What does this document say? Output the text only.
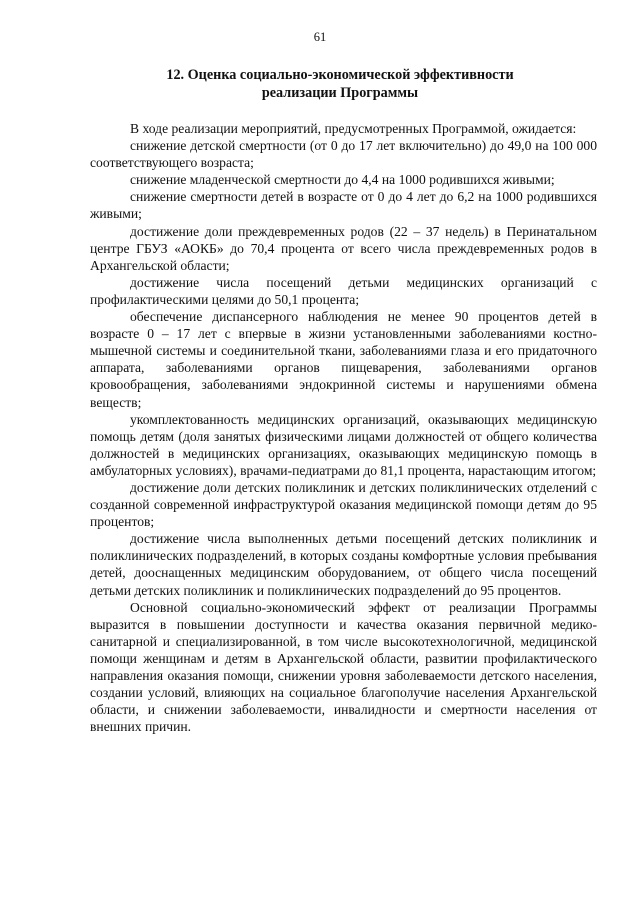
61
12. Оценка социально-экономической эффективности
реализации Программы

В ходе реализации мероприятий, предусмотренных Программой, ожидается:

снижение детской смертности (от 0 до 17 лет включительно) до 49,0 на 100 000 соответствующего возраста;

снижение младенческой смертности до 4,4 на 1000 родившихся живыми;

снижение смертности детей в возрасте от 0 до 4 лет до 6,2 на 1000 родившихся живыми;

достижение доли преждевременных родов (22 – 37 недель) в Перинатальном центре ГБУЗ «АОКБ» до 70,4 процента от всего числа преждевременных родов в Архангельской области;

достижение числа посещений детьми медицинских организаций с профилактическими целями до 50,1 процента;

обеспечение диспансерного наблюдения не менее 90 процентов детей в возрасте 0 – 17 лет с впервые в жизни установленными заболеваниями костно-мышечной системы и соединительной ткани, заболеваниями глаза и его придаточного аппарата, заболеваниями органов пищеварения, заболеваниями органов кровообращения, заболеваниями эндокринной системы и нарушениями обмена веществ;

укомплектованность медицинских организаций, оказывающих медицинскую помощь детям (доля занятых физическими лицами должностей от общего количества должностей в медицинских организациях, оказывающих медицинскую помощь в амбулаторных условиях), врачами-педиатрами до 81,1 процента, нарастающим итогом;

достижение доли детских поликлиник и детских поликлинических отделений с созданной современной инфраструктурой оказания медицинской помощи детям до 95 процентов;

достижение числа выполненных детьми посещений детских поликлиник и поликлинических подразделений, в которых созданы комфортные условия пребывания детей, дооснащенных медицинским оборудованием, от общего числа посещений детьми детских поликлиник и поликлинических подразделений до 95 процентов.

Основной социально-экономический эффект от реализации Программы выразится в повышении доступности и качества оказания первичной медико-санитарной и специализированной, в том числе высокотехнологичной, медицинской помощи женщинам и детям в Архангельской области, развитии профилактического направления оказания помощи, снижении уровня заболеваемости детского населения, создании условий, влияющих на социальное благополучие населения Архангельской области, и снижении заболеваемости, инвалидности и смертности населения от внешних причин.
